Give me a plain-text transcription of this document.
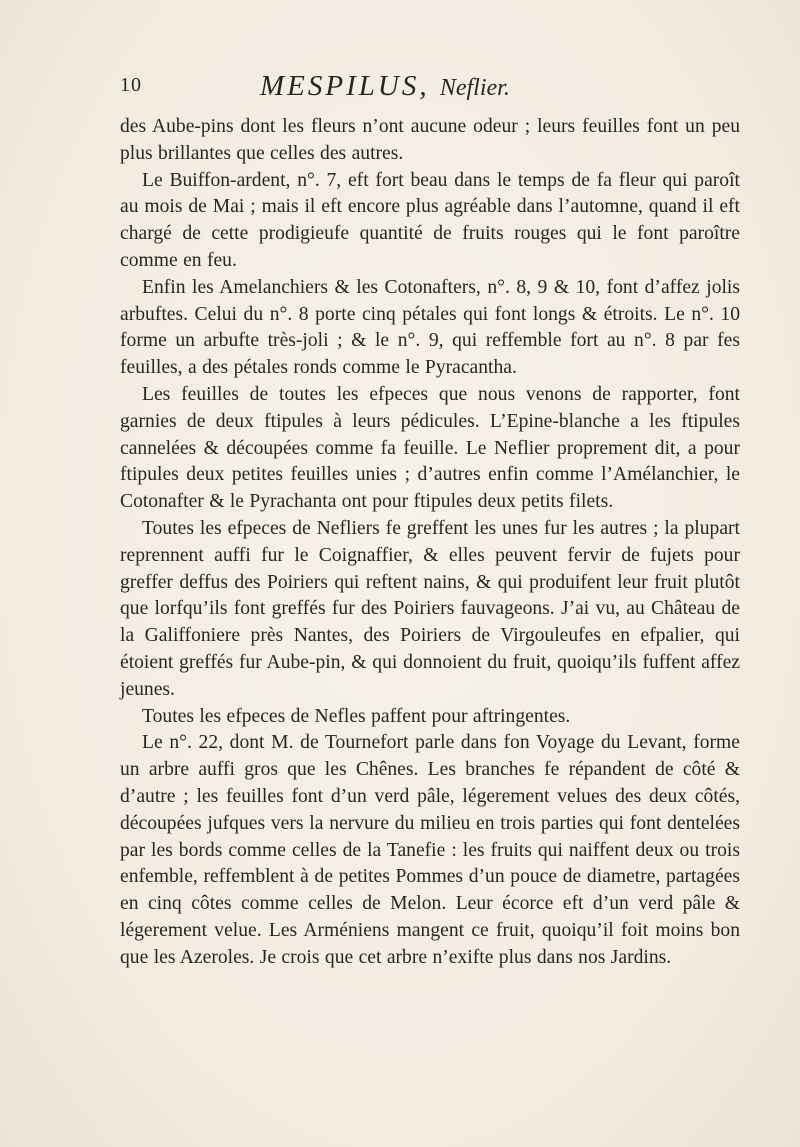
10	MESPILUS, Neflier.

des Aube-pins dont les fleurs n’ont aucune odeur ; leurs feuilles font un peu plus brillantes que celles des autres.

Le Buiffon-ardent, n°. 7, eft fort beau dans le temps de fa fleur qui paroît au mois de Mai ; mais il eft encore plus agréable dans l’automne, quand il eft chargé de cette prodigieufe quantité de fruits rouges qui le font paroître comme en feu.

Enfin les Amelanchiers & les Cotonafters, n°. 8, 9 & 10, font d’affez jolis arbuftes. Celui du n°. 8 porte cinq pétales qui font longs & étroits. Le n°. 10 forme un arbufte très-joli ; & le n°. 9, qui reffemble fort au n°. 8 par fes feuilles, a des pétales ronds comme le Pyracantha.

Les feuilles de toutes les efpeces que nous venons de rapporter, font garnies de deux ftipules à leurs pédicules. L’Epine-blanche a les ftipules cannelées & découpées comme fa feuille. Le Neflier proprement dit, a pour ftipules deux petites feuilles unies ; d’autres enfin comme l’Amélanchier, le Cotonafter & le Pyrachanta ont pour ftipules deux petits filets.

Toutes les efpeces de Nefliers fe greffent les unes fur les autres ; la plupart reprennent auffi fur le Coignaffier, & elles peuvent fervir de fujets pour greffer deffus des Poiriers qui reftent nains, & qui produifent leur fruit plutôt que lorfqu’ils font greffés fur des Poiriers fauvageons. J’ai vu, au Château de la Galiffoniere près Nantes, des Poiriers de Virgouleufes en efpalier, qui étoient greffés fur Aube-pin, & qui donnoient du fruit, quoiqu’ils fuffent affez jeunes.

Toutes les efpeces de Nefles paffent pour aftringentes.

Le n°. 22, dont M. de Tournefort parle dans fon Voyage du Levant, forme un arbre auffi gros que les Chênes. Les branches fe répandent de côté & d’autre ; les feuilles font d’un verd pâle, légerement velues des deux côtés, découpées jufques vers la nervure du milieu en trois parties qui font dentelées par les bords comme celles de la Tanefie : les fruits qui naiffent deux ou trois enfemble, reffemblent à de petites Pommes d’un pouce de diametre, partagées en cinq côtes comme celles de Melon. Leur écorce eft d’un verd pâle & légerement velue. Les Arméniens mangent ce fruit, quoiqu’il foit moins bon que les Azeroles. Je crois que cet arbre n’exifte plus dans nos Jardins.
